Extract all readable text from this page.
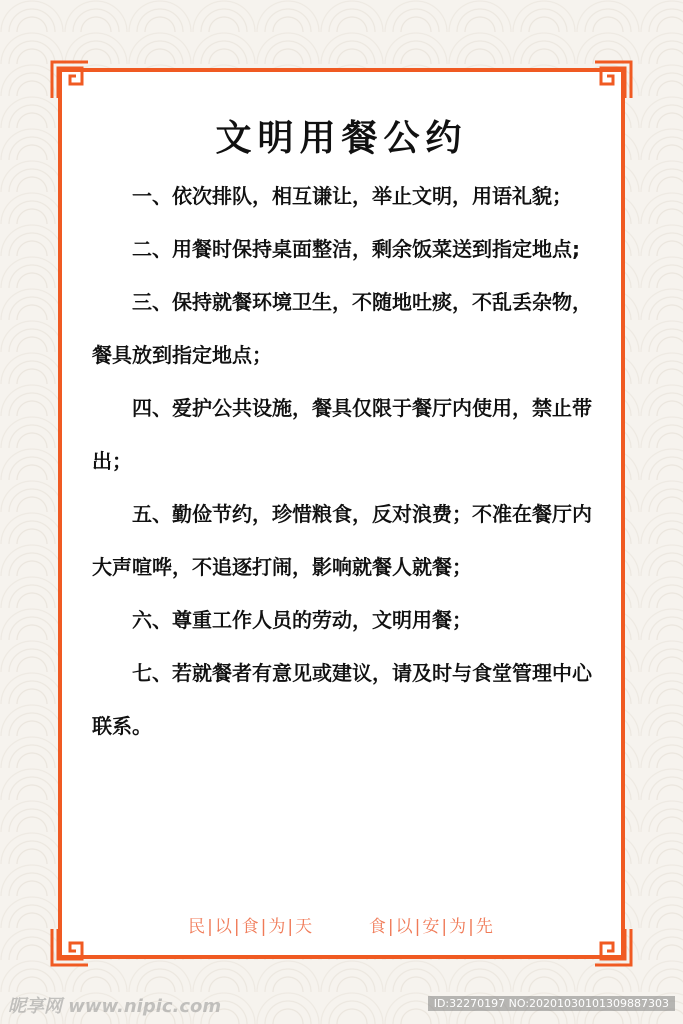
文明用餐公约
一、依次排队，相互谦让，举止文明，用语礼貌；
二、用餐时保持桌面整洁，剩余饭菜送到指定地点;
三、保持就餐环境卫生，不随地吐痰，不乱丢杂物，餐具放到指定地点；
四、爱护公共设施，餐具仅限于餐厅内使用，禁止带出；
五、勤俭节约，珍惜粮食，反对浪费；不准在餐厅内大声喧哗，不追逐打闹，影响就餐人就餐；
六、尊重工作人员的劳动，文明用餐；
七、若就餐者有意见或建议，请及时与食堂管理中心联系。
民|以|食|为|天	食|以|安|为|先
昵享网 www.nipic.com	ID:32270197 NO:20201030101309887303
